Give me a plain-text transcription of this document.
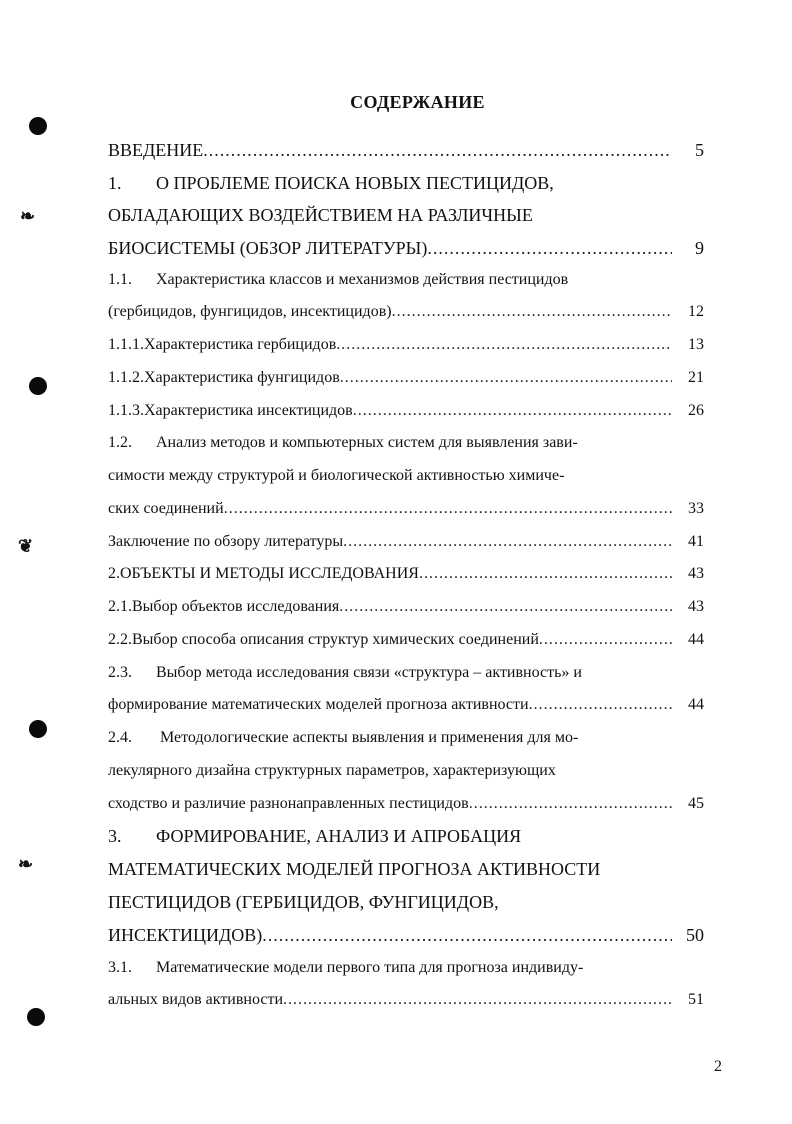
❧
❦
❧
СОДЕРЖАНИЕ
ВВЕДЕНИЕ .....	5
1.	О ПРОБЛЕМЕ ПОИСКА НОВЫХ ПЕСТИЦИДОВ,
ОБЛАДАЮЩИХ ВОЗДЕЙСТВИЕМ НА РАЗЛИЧНЫЕ
БИОСИСТЕМЫ (ОБЗОР ЛИТЕРАТУРЫ) .....	9
1.1.	Характеристика классов и механизмов действия пестицидов
(гербицидов, фунгицидов, инсектицидов) .....	12
1.1.1. Характеристика гербицидов .....	13
1.1.2. Характеристика фунгицидов .....	21
1.1.3. Характеристика инсектицидов .....	26
1.2.	Анализ методов и компьютерных систем для выявления зави-
симости между структурой и биологической активностью химиче-
ских соединений .....	33
Заключение по обзору литературы .....	41
2. ОБЪЕКТЫ И МЕТОДЫ ИССЛЕДОВАНИЯ .....	43
2.1. Выбор объектов исследования .....	43
2.2. Выбор способа описания структур химических соединений .....	44
2.3.	Выбор метода исследования связи «структура – активность» и
формирование математических моделей прогноза активности .....	44
2.4.	Методологические аспекты выявления и применения для мо-
лекулярного дизайна структурных параметров, характеризующих
сходство и различие разнонаправленных пестицидов .....	45
3.	ФОРМИРОВАНИЕ, АНАЛИЗ И АПРОБАЦИЯ
МАТЕМАТИЧЕСКИХ МОДЕЛЕЙ ПРОГНОЗА АКТИВНОСТИ
ПЕСТИЦИДОВ (ГЕРБИЦИДОВ, ФУНГИЦИДОВ,
ИНСЕКТИЦИДОВ) .....	50
3.1.	Математические модели первого типа для прогноза индивиду-
альных видов активности .....	51
2
